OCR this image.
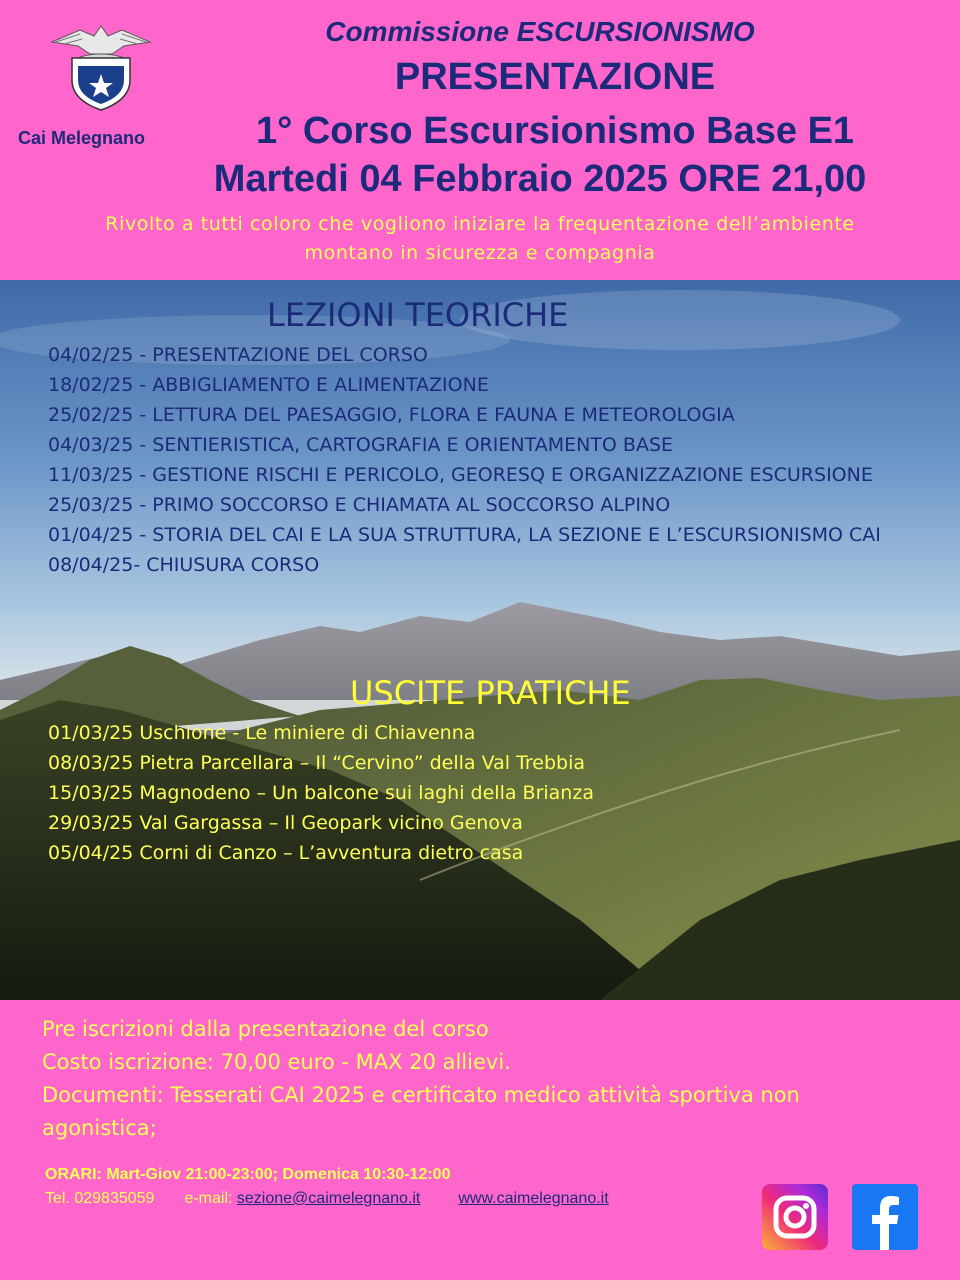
Cai Melegnano
Commissione ESCURSIONISMO
PRESENTAZIONE
1° Corso Escursionismo Base E1
Martedi 04 Febbraio 2025 ORE 21,00
Rivolto a tutti coloro che vogliono iniziare la frequentazione dell’ambiente
montano in sicurezza e compagnia
LEZIONI TEORICHE
04/02/25 - PRESENTAZIONE DEL CORSO
18/02/25 - ABBIGLIAMENTO E ALIMENTAZIONE
25/02/25 - LETTURA DEL PAESAGGIO, FLORA E FAUNA E METEOROLOGIA
04/03/25 - SENTIERISTICA, CARTOGRAFIA E ORIENTAMENTO BASE
11/03/25 - GESTIONE RISCHI E PERICOLO, GEORESQ E ORGANIZZAZIONE ESCURSIONE
25/03/25 - PRIMO SOCCORSO E CHIAMATA AL SOCCORSO ALPINO
01/04/25 - STORIA DEL CAI E LA SUA STRUTTURA, LA SEZIONE E L’ESCURSIONISMO CAI
08/04/25- CHIUSURA CORSO
USCITE PRATICHE
01/03/25 Uschione - Le miniere di Chiavenna
08/03/25 Pietra Parcellara – Il “Cervino” della Val Trebbia
15/03/25 Magnodeno – Un balcone sui laghi della Brianza
29/03/25 Val Gargassa – Il Geopark vicino Genova
05/04/25 Corni di Canzo – L’avventura dietro casa
Pre iscrizioni dalla presentazione del corso
Costo iscrizione: 70,00 euro - MAX 20 allievi.
Documenti: Tesserati CAI 2025 e certificato medico attività sportiva non
agonistica;
ORARI: Mart-Giov 21:00-23:00; Domenica 10:30-12:00
Tel. 029835059 e-mail: sezione@caimelegnano.it www.caimelegnano.it
